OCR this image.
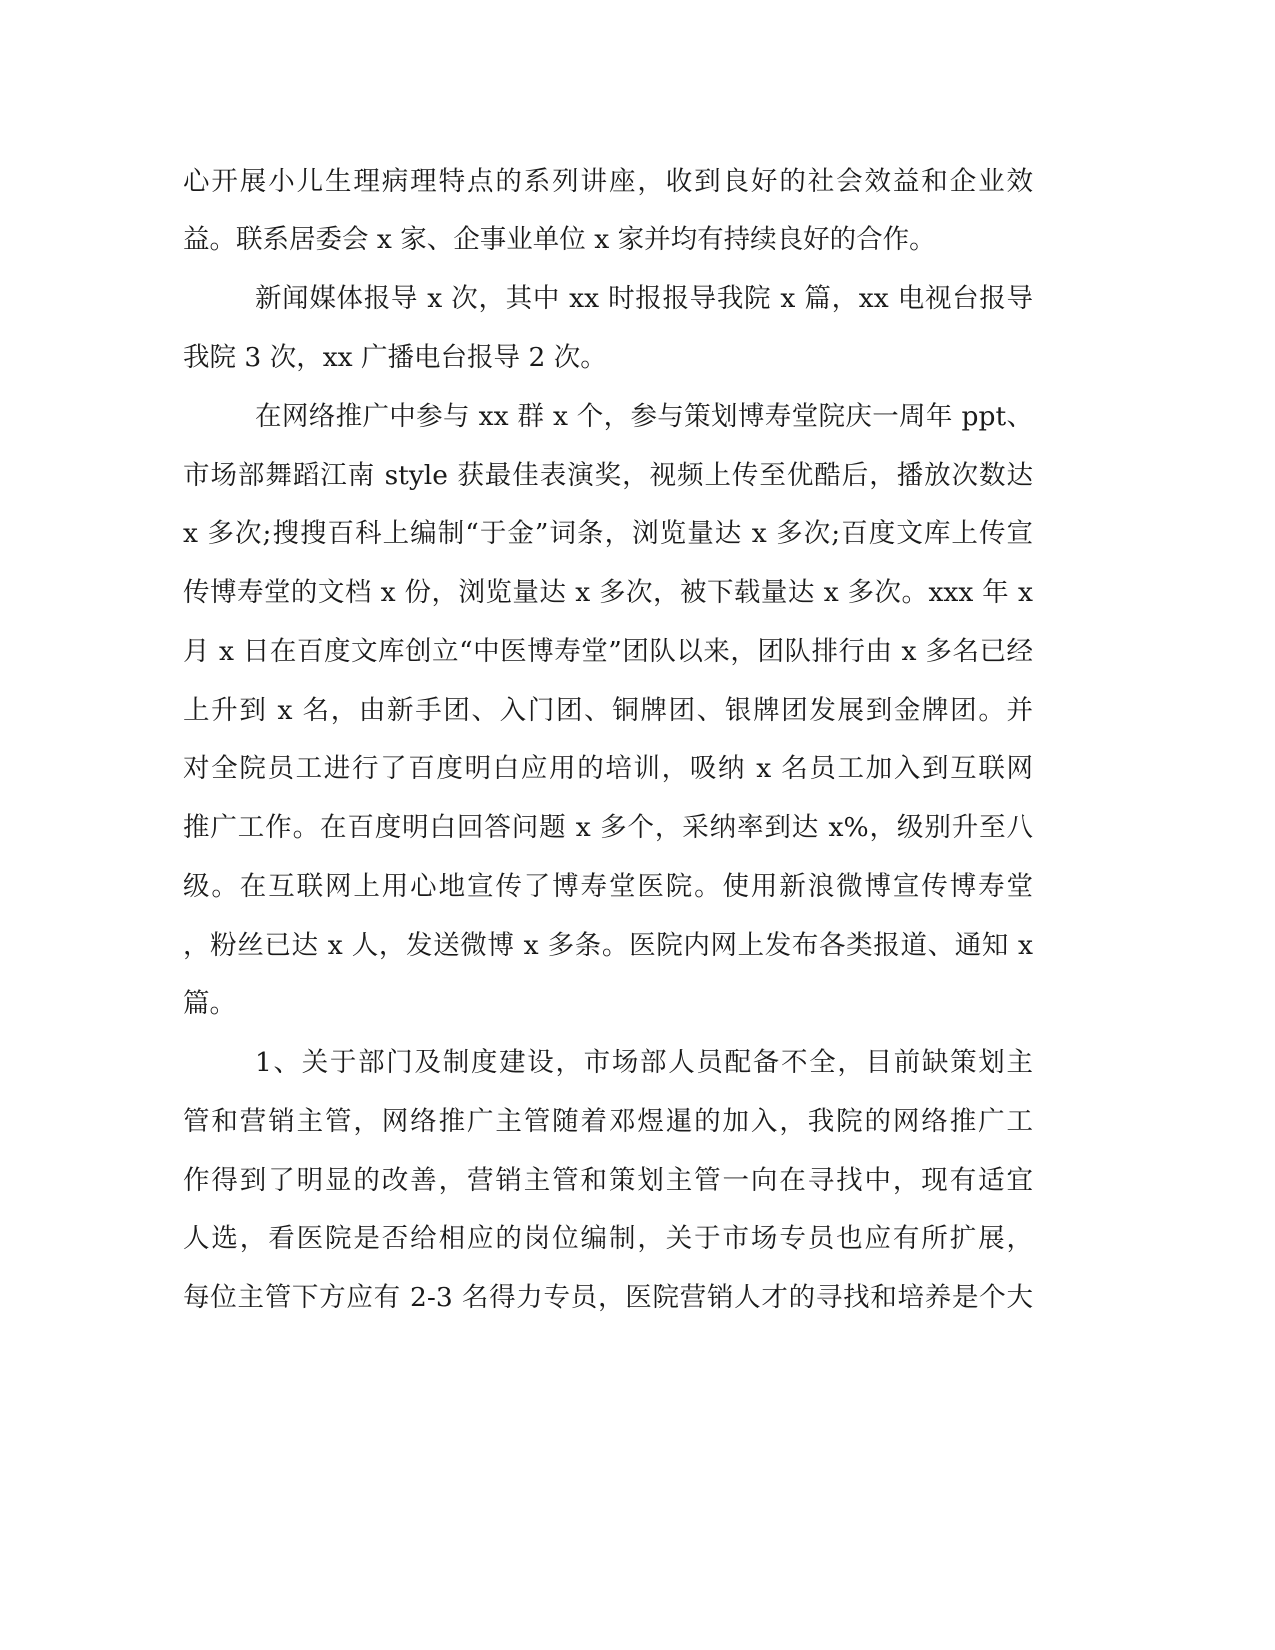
心开展小儿生理病理特点的系列讲座，收到良好的社会效益和企业效
益。联系居委会 x 家、企事业单位 x 家并均有持续良好的合作。
新闻媒体报导 x 次，其中 xx 时报报导我院 x 篇，xx 电视台报导
我院 3 次，xx 广播电台报导 2 次。
在网络推广中参与 xx 群 x 个，参与策划博寿堂院庆一周年 ppt、
市场部舞蹈江南 style 获最佳表演奖，视频上传至优酷后，播放次数达
x 多次;搜搜百科上编制“于金”词条，浏览量达 x 多次;百度文库上传宣
传博寿堂的文档 x 份，浏览量达 x 多次，被下载量达 x 多次。xxx 年 x
月 x 日在百度文库创立“中医博寿堂”团队以来，团队排行由 x 多名已经
上升到 x 名，由新手团、入门团、铜牌团、银牌团发展到金牌团。并
对全院员工进行了百度明白应用的培训，吸纳 x 名员工加入到互联网
推广工作。在百度明白回答问题 x 多个，采纳率到达 x%，级别升至八
级。在互联网上用心地宣传了博寿堂医院。使用新浪微博宣传博寿堂
，粉丝已达 x 人，发送微博 x 多条。医院内网上发布各类报道、通知 x
篇。
1、关于部门及制度建设，市场部人员配备不全，目前缺策划主
管和营销主管，网络推广主管随着邓煜暹的加入，我院的网络推广工
作得到了明显的改善，营销主管和策划主管一向在寻找中，现有适宜
人选，看医院是否给相应的岗位编制，关于市场专员也应有所扩展，
每位主管下方应有 2-3 名得力专员，医院营销人才的寻找和培养是个大
